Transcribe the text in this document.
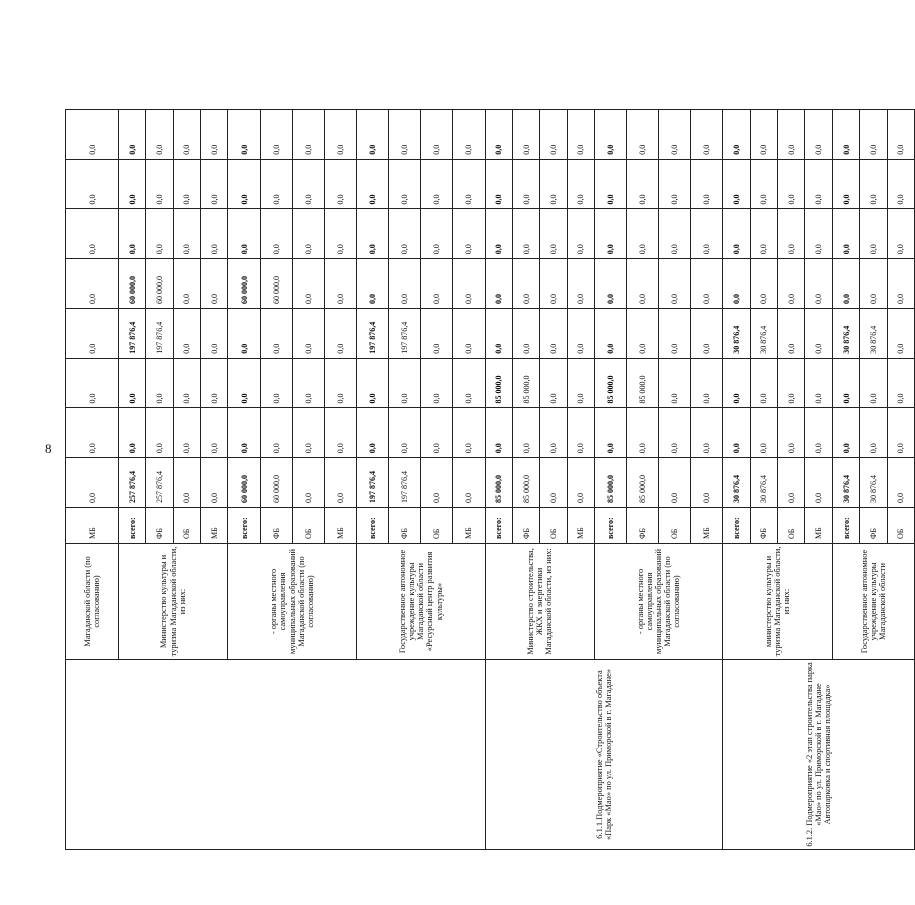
8
	Магаданской области (по согласованию)	МБ	0,0	0,0	0,0	0,0	0,0	0,0	0,0	0,0
	Министерство культуры и туризма Магаданской области, из них:	всего:	257 876,4	0,0	0,0	197 876,4	60 000,0	0,0	0,0	0,0
		ФБ	257 876,4	0,0	0,0	197 876,4	60 000,0	0,0	0,0	0,0
		ОБ	0,0	0,0	0,0	0,0	0,0	0,0	0,0	0,0
		МБ	0,0	0,0	0,0	0,0	0,0	0,0	0,0	0,0
	- органы местного самоуправления муниципальных образований Магаданской области (по согласованию)	всего:	60 000,0	0,0	0,0	0,0	60 000,0	0,0	0,0	0,0
		ФБ	60 000,0	0,0	0,0	0,0	60 000,0	0,0	0,0	0,0
		ОБ	0,0	0,0	0,0	0,0	0,0	0,0	0,0	0,0
		МБ	0,0	0,0	0,0	0,0	0,0	0,0	0,0	0,0
	Государственное автономное учреждение культуры Магаданской области «Ресурсный центр развития культуры»	всего:	197 876,4	0,0	0,0	197 876,4	0,0	0,0	0,0	0,0
		ФБ	197 876,4	0,0	0,0	197 876,4	0,0	0,0	0,0	0,0
		ОБ	0,0	0,0	0,0	0,0	0,0	0,0	0,0	0,0
		МБ	0,0	0,0	0,0	0,0	0,0	0,0	0,0	0,0
6.1.1.Подмероприятие «Строительство объекта «Парк «Мао» по ул. Приморской в г. Магадане»	Министерство строительства, ЖКХ и энергетики Магаданской области, из них:	всего:	85 000,0	0,0	85 000,0	0,0	0,0	0,0	0,0	0,0
		ФБ	85 000,0	0,0	85 000,0	0,0	0,0	0,0	0,0	0,0
		ОБ	0,0	0,0	0,0	0,0	0,0	0,0	0,0	0,0
		МБ	0,0	0,0	0,0	0,0	0,0	0,0	0,0	0,0
	- органы местного самоуправления муниципальных образований Магаданской области (по согласованию)	всего:	85 000,0	0,0	85 000,0	0,0	0,0	0,0	0,0	0,0
		ФБ	85 000,0	0,0	85 000,0	0,0	0,0	0,0	0,0	0,0
		ОБ	0,0	0,0	0,0	0,0	0,0	0,0	0,0	0,0
		МБ	0,0	0,0	0,0	0,0	0,0	0,0	0,0	0,0
6.1.2. Подмероприятие «2 этап строительства парка «Мао» по ул. Приморской в г. Магадане Автопарковка и спортивная площадка»	министерство культуры и туризма Магаданской области, из них:	всего:	30 876,4	0,0	0,0	30 876,4	0,0	0,0	0,0	0,0
		ФБ	30 876,4	0,0	0,0	30 876,4	0,0	0,0	0,0	0,0
		ОБ	0,0	0,0	0,0	0,0	0,0	0,0	0,0	0,0
		МБ	0,0	0,0	0,0	0,0	0,0	0,0	0,0	0,0
	Государственное автономное учреждение культуры Магаданской области	всего:	30 876,4	0,0	0,0	30 876,4	0,0	0,0	0,0	0,0
		ФБ	30 876,4	0,0	0,0	30 876,4	0,0	0,0	0,0	0,0
		ОБ	0,0	0,0	0,0	0,0	0,0	0,0	0,0	0,0
